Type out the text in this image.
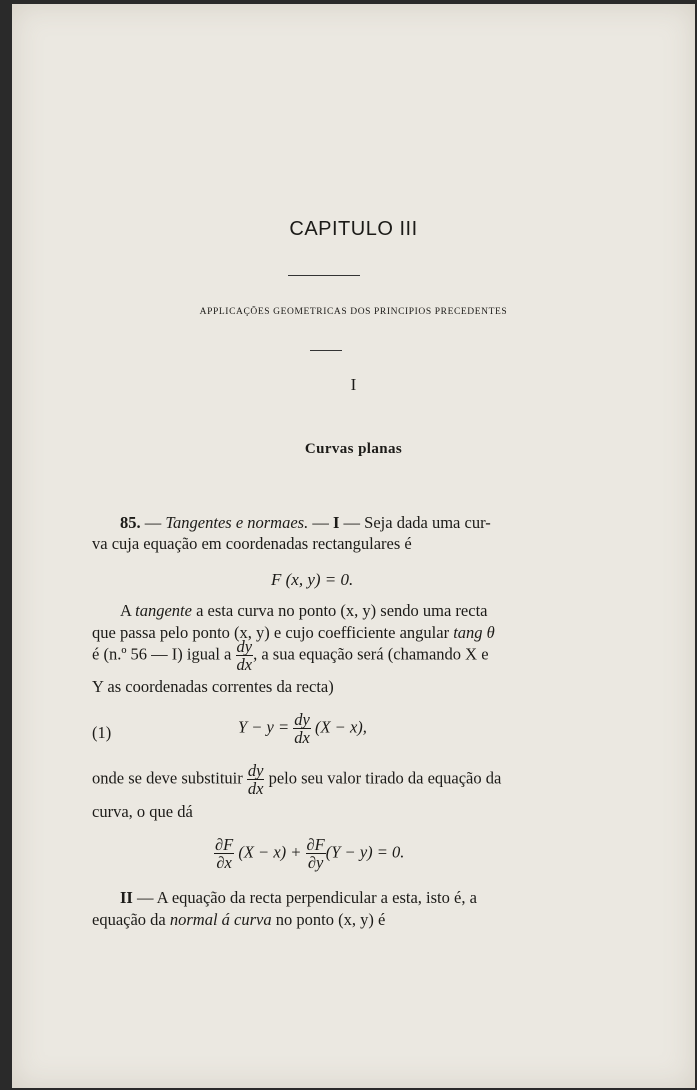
CAPITULO III
APPLICAÇÕES GEOMETRICAS DOS PRINCIPIOS PRECEDENTES
I
Curvas planas
85. — Tangentes e normaes. — I — Seja dada uma cur-
va cuja equação em coordenadas rectangulares é
F (x, y) = 0.
A tangente a esta curva no ponto (x, y) sendo uma recta
que passa pelo ponto (x, y) e cujo coefficiente angular tang θ
é (n.º 56 — I) igual a $\frac{dy}{dx}$ , a sua equação será (chamando X e
Y as coordenadas correntes da recta)
(1)	$Y - y = \frac{dy}{dx} (X - x)$,
onde se deve substituir $\frac{dy}{dx}$ pelo seu valor tirado da equação da
curva, o que dá
$\frac{\partial F}{\partial x} (X - x) + \frac{\partial F}{\partial y} (Y - y) = 0$.
II — A equação da recta perpendicular a esta, isto é, a
equação da normal á curva no ponto (x, y) é
